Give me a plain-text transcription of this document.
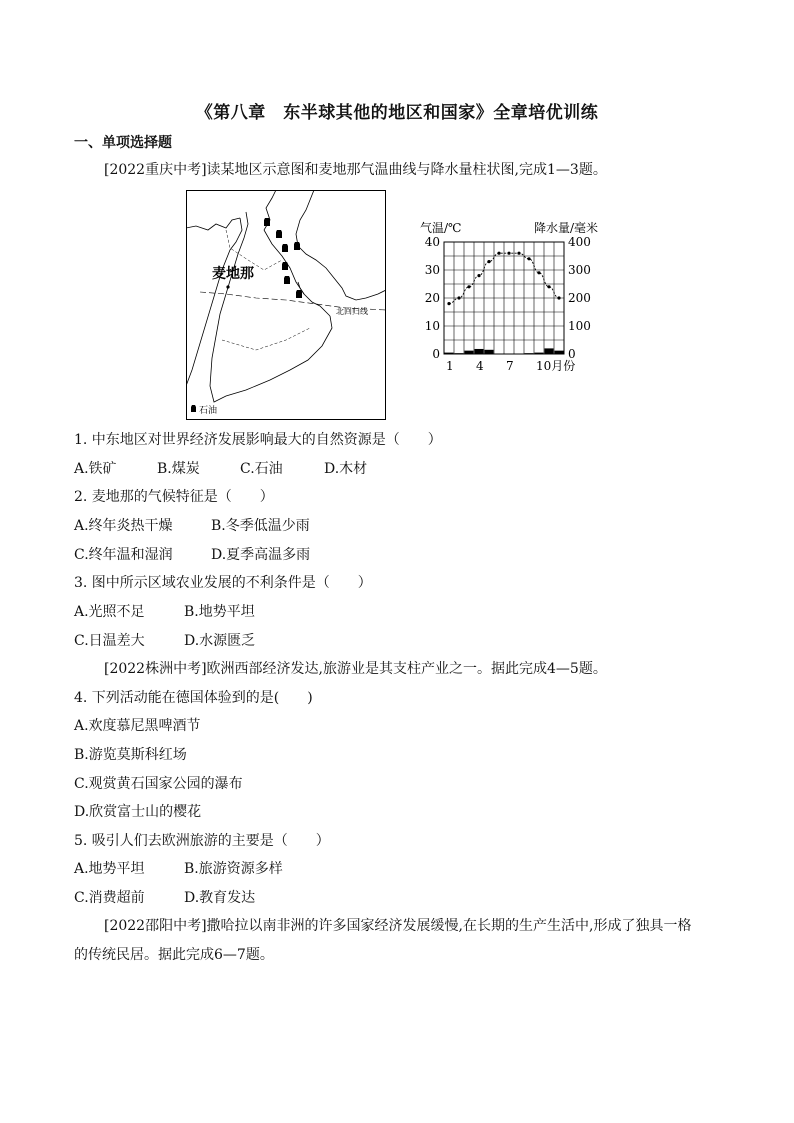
《第八章　东半球其他的地区和国家》全章培优训练
一、单项选择题
[2022重庆中考]读某地区示意图和麦地那气温曲线与降水量柱状图,完成1—3题。
北回归线
麦地那
石油
气温/℃	降水量/毫米
40
30
20
10
0
400
300
200
100
0
1 4 7 10月份
1. 中东地区对世界经济发展影响最大的自然资源是（　　）
A.铁矿	B.煤炭	C.石油	D.木材
2. 麦地那的气候特征是（　　）
A.终年炎热干燥	B.冬季低温少雨
C.终年温和湿润	D.夏季高温多雨
3. 图中所示区域农业发展的不利条件是（　　）
A.光照不足	B.地势平坦
C.日温差大	D.水源匮乏
[2022株洲中考]欧洲西部经济发达,旅游业是其支柱产业之一。据此完成4—5题。
4. 下列活动能在德国体验到的是(　　)
A.欢度慕尼黑啤酒节
B.游览莫斯科红场
C.观赏黄石国家公园的瀑布
D.欣赏富士山的樱花
5. 吸引人们去欧洲旅游的主要是（　　）
A.地势平坦	B.旅游资源多样
C.消费超前	D.教育发达
[2022邵阳中考]撒哈拉以南非洲的许多国家经济发展缓慢,在长期的生产生活中,形成了独具一格
的传统民居。据此完成6—7题。
